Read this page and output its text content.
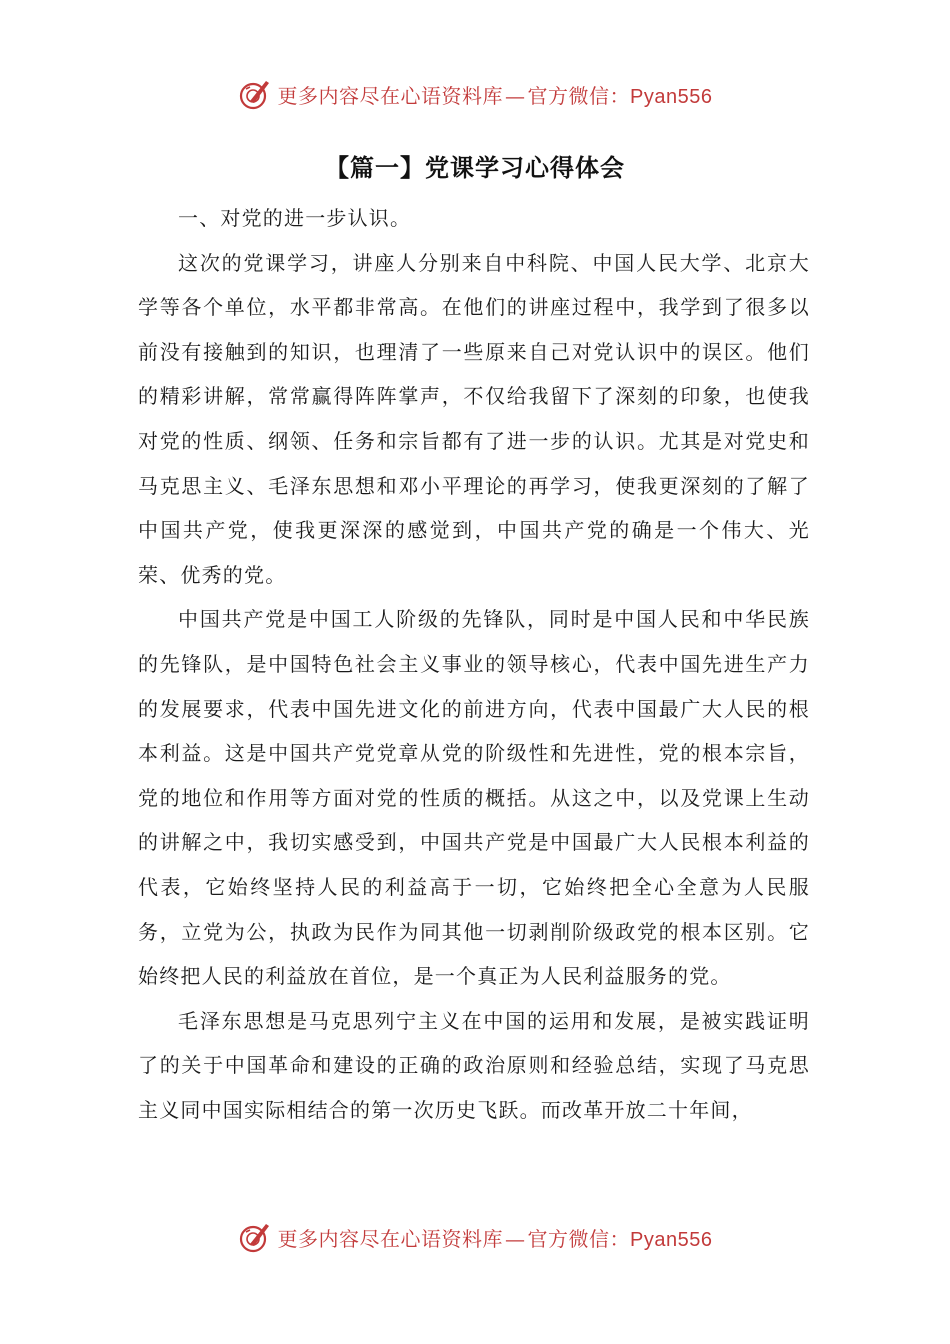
更多内容尽在心语资料库 — 官方微信：Pyan556
【篇一】党课学习心得体会

一、对党的进一步认识。

这次的党课学习，讲座人分别来自中科院、中国人民大学、北京大学等各个单位，水平都非常高。在他们的讲座过程中，我学到了很多以前没有接触到的知识，也理清了一些原来自己对党认识中的误区。他们的精彩讲解，常常赢得阵阵掌声，不仅给我留下了深刻的印象，也使我对党的性质、纲领、任务和宗旨都有了进一步的认识。尤其是对党史和马克思主义、毛泽东思想和邓小平理论的再学习，使我更深刻的了解了中国共产党，使我更深深的感觉到，中国共产党的确是一个伟大、光荣、优秀的党。

中国共产党是中国工人阶级的先锋队，同时是中国人民和中华民族的先锋队，是中国特色社会主义事业的领导核心，代表中国先进生产力的发展要求，代表中国先进文化的前进方向，代表中国最广大人民的根本利益。这是中国共产党党章从党的阶级性和先进性，党的根本宗旨，党的地位和作用等方面对党的性质的概括。从这之中，以及党课上生动的讲解之中，我切实感受到，中国共产党是中国最广大人民根本利益的代表，它始终坚持人民的利益高于一切，它始终把全心全意为人民服务，立党为公，执政为民作为同其他一切剥削阶级政党的根本区别。它始终把人民的利益放在首位，是一个真正为人民利益服务的党。

毛泽东思想是马克思列宁主义在中国的运用和发展，是被实践证明了的关于中国革命和建设的正确的政治原则和经验总结，实现了马克思主义同中国实际相结合的第一次历史飞跃。而改革开放二十年间，

更多内容尽在心语资料库 — 官方微信：Pyan556
